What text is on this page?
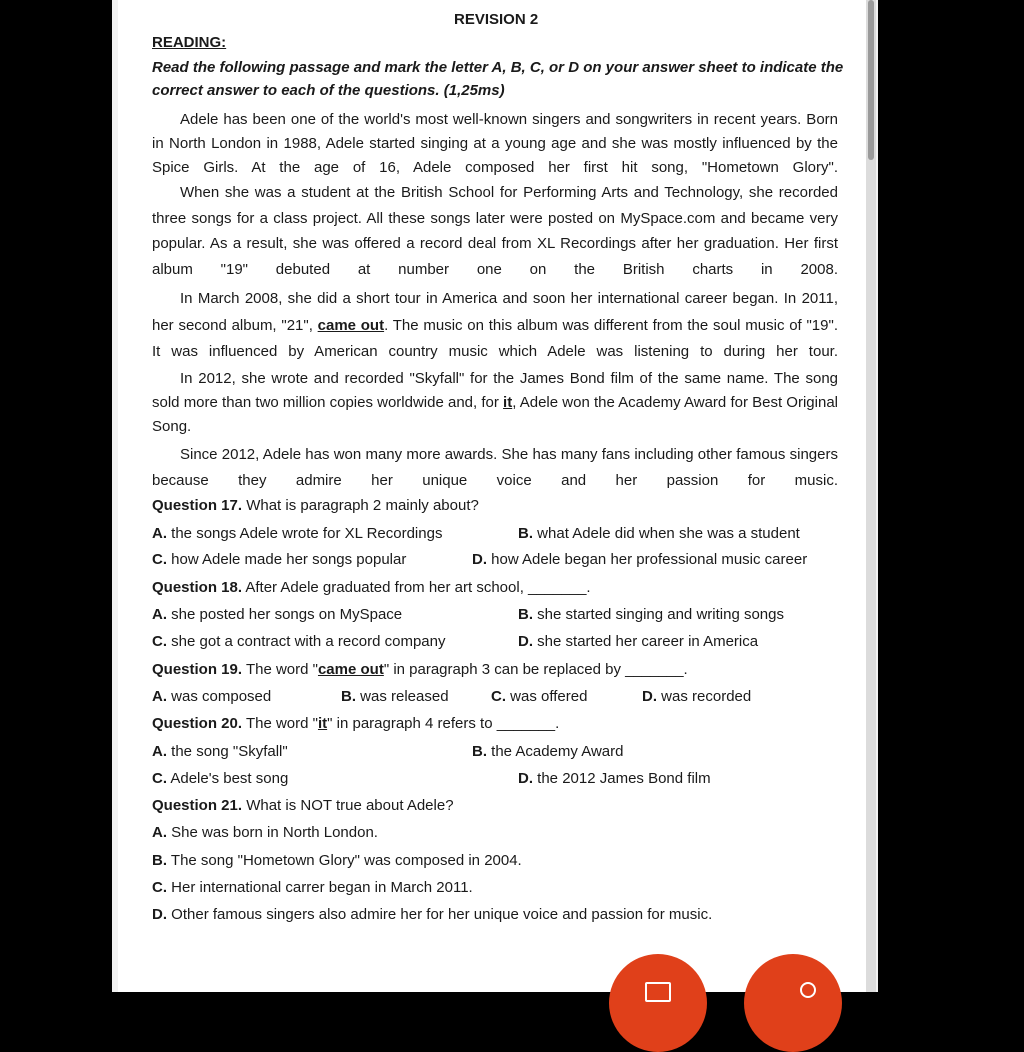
REVISION 2
READING:
Read the following passage and mark the letter A, B, C, or D on your answer sheet to indicate the
correct answer to each of the questions. (1,25ms)
Adele has been one of the world's most well-known singers and songwriters in recent years. Born in North London in 1988, Adele started singing at a young age and she was mostly influenced by the Spice Girls. At the age of 16, Adele composed her first hit song, "Hometown Glory".
When she was a student at the British School for Performing Arts and Technology, she recorded three songs for a class project. All these songs later were posted on MySpace.com and became very popular. As a result, she was offered a record deal from XL Recordings after her graduation. Her first album "19" debuted at number one on the British charts in 2008.
In March 2008, she did a short tour in America and soon her international career began. In 2011, her second album, "21", came out. The music on this album was different from the soul music of "19". It was influenced by American country music which Adele was listening to during her tour.
In 2012, she wrote and recorded "Skyfall" for the James Bond film of the same name. The song sold more than two million copies worldwide and, for it, Adele won the Academy Award for Best Original Song.
Since 2012, Adele has won many more awards. She has many fans including other famous singers because they admire her unique voice and her passion for music.
Question 17. What is paragraph 2 mainly about?
A. the songs Adele wrote for XL Recordings	B. what Adele did when she was a student
C. how Adele made her songs popular	D. how Adele began her professional music career
Question 18. After Adele graduated from her art school, _______.
A. she posted her songs on MySpace	B. she started singing and writing songs
C. she got a contract with a record company	D. she started her career in America
Question 19. The word "came out" in paragraph 3 can be replaced by _______.
A. was composed	B. was released	C. was offered	D. was recorded
Question 20. The word "it" in paragraph 4 refers to _______.
A. the song "Skyfall"	B. the Academy Award
C. Adele's best song	D. the 2012 James Bond film
Question 21. What is NOT true about Adele?
A. She was born in North London.
B. The song "Hometown Glory" was composed in 2004.
C. Her international carrer began in March 2011.
D. Other famous singers also admire her for her unique voice and passion for music.
